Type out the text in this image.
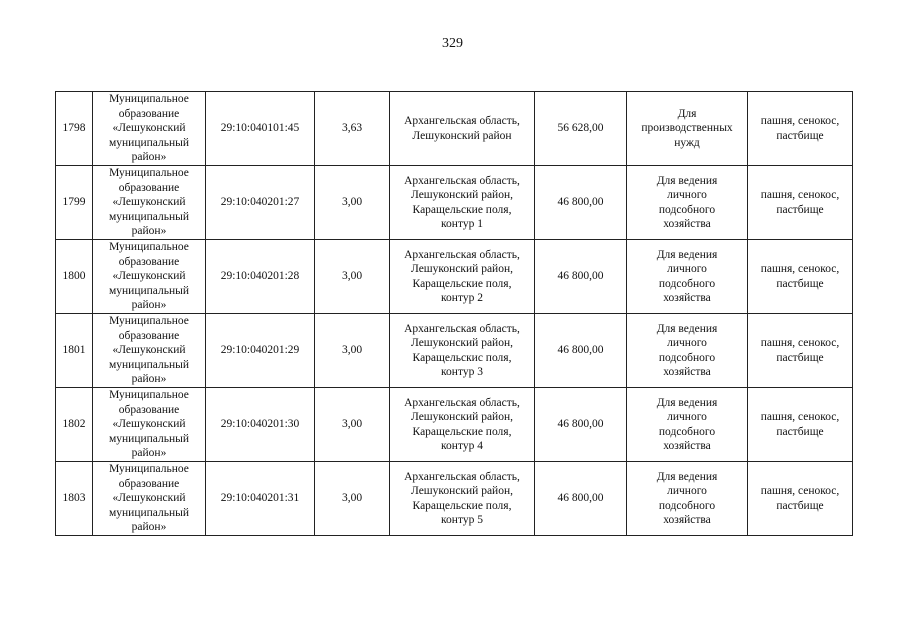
329
1798	Муниципальное
образование
«Лешуконский
муниципальный
район»	29:10:040101:45	3,63	Архангельская область,
Лешуконский район	56 628,00	Для
производственных
нужд	пашня, сенокос,
пастбище
1799	Муниципальное
образование
«Лешуконский
муниципальный
район»	29:10:040201:27	3,00	Архангельская область,
Лешуконский район,
Каращельские поля,
контур 1	46 800,00	Для ведения
личного
подсобного
хозяйства	пашня, сенокос,
пастбище
1800	Муниципальное
образование
«Лешуконский
муниципальный
район»	29:10:040201:28	3,00	Архангельская область,
Лешуконский район,
Каращельские поля,
контур 2	46 800,00	Для ведения
личного
подсобного
хозяйства	пашня, сенокос,
пастбище
1801	Муниципальное
образование
«Лешуконский
муниципальный
район»	29:10:040201:29	3,00	Архангельская область,
Лешуконский район,
Каращельскис поля,
контур 3	46 800,00	Для ведения
личного
подсобного
хозяйства	пашня, сенокос,
пастбище
1802	Муниципальное
образование
«Лешуконский
муниципальный
район»	29:10:040201:30	3,00	Архангельская область,
Лешуконский район,
Каращельские поля,
контур 4	46 800,00	Для ведения
личного
подсобного
хозяйства	пашня, сенокос,
пастбище
1803	Муниципальное
образование
«Лешуконский
муниципальный
район»	29:10:040201:31	3,00	Архангельская область,
Лешуконский район,
Каращельские поля,
контур 5	46 800,00	Для ведения
личного
подсобного
хозяйства	пашня, сенокос,
пастбище
